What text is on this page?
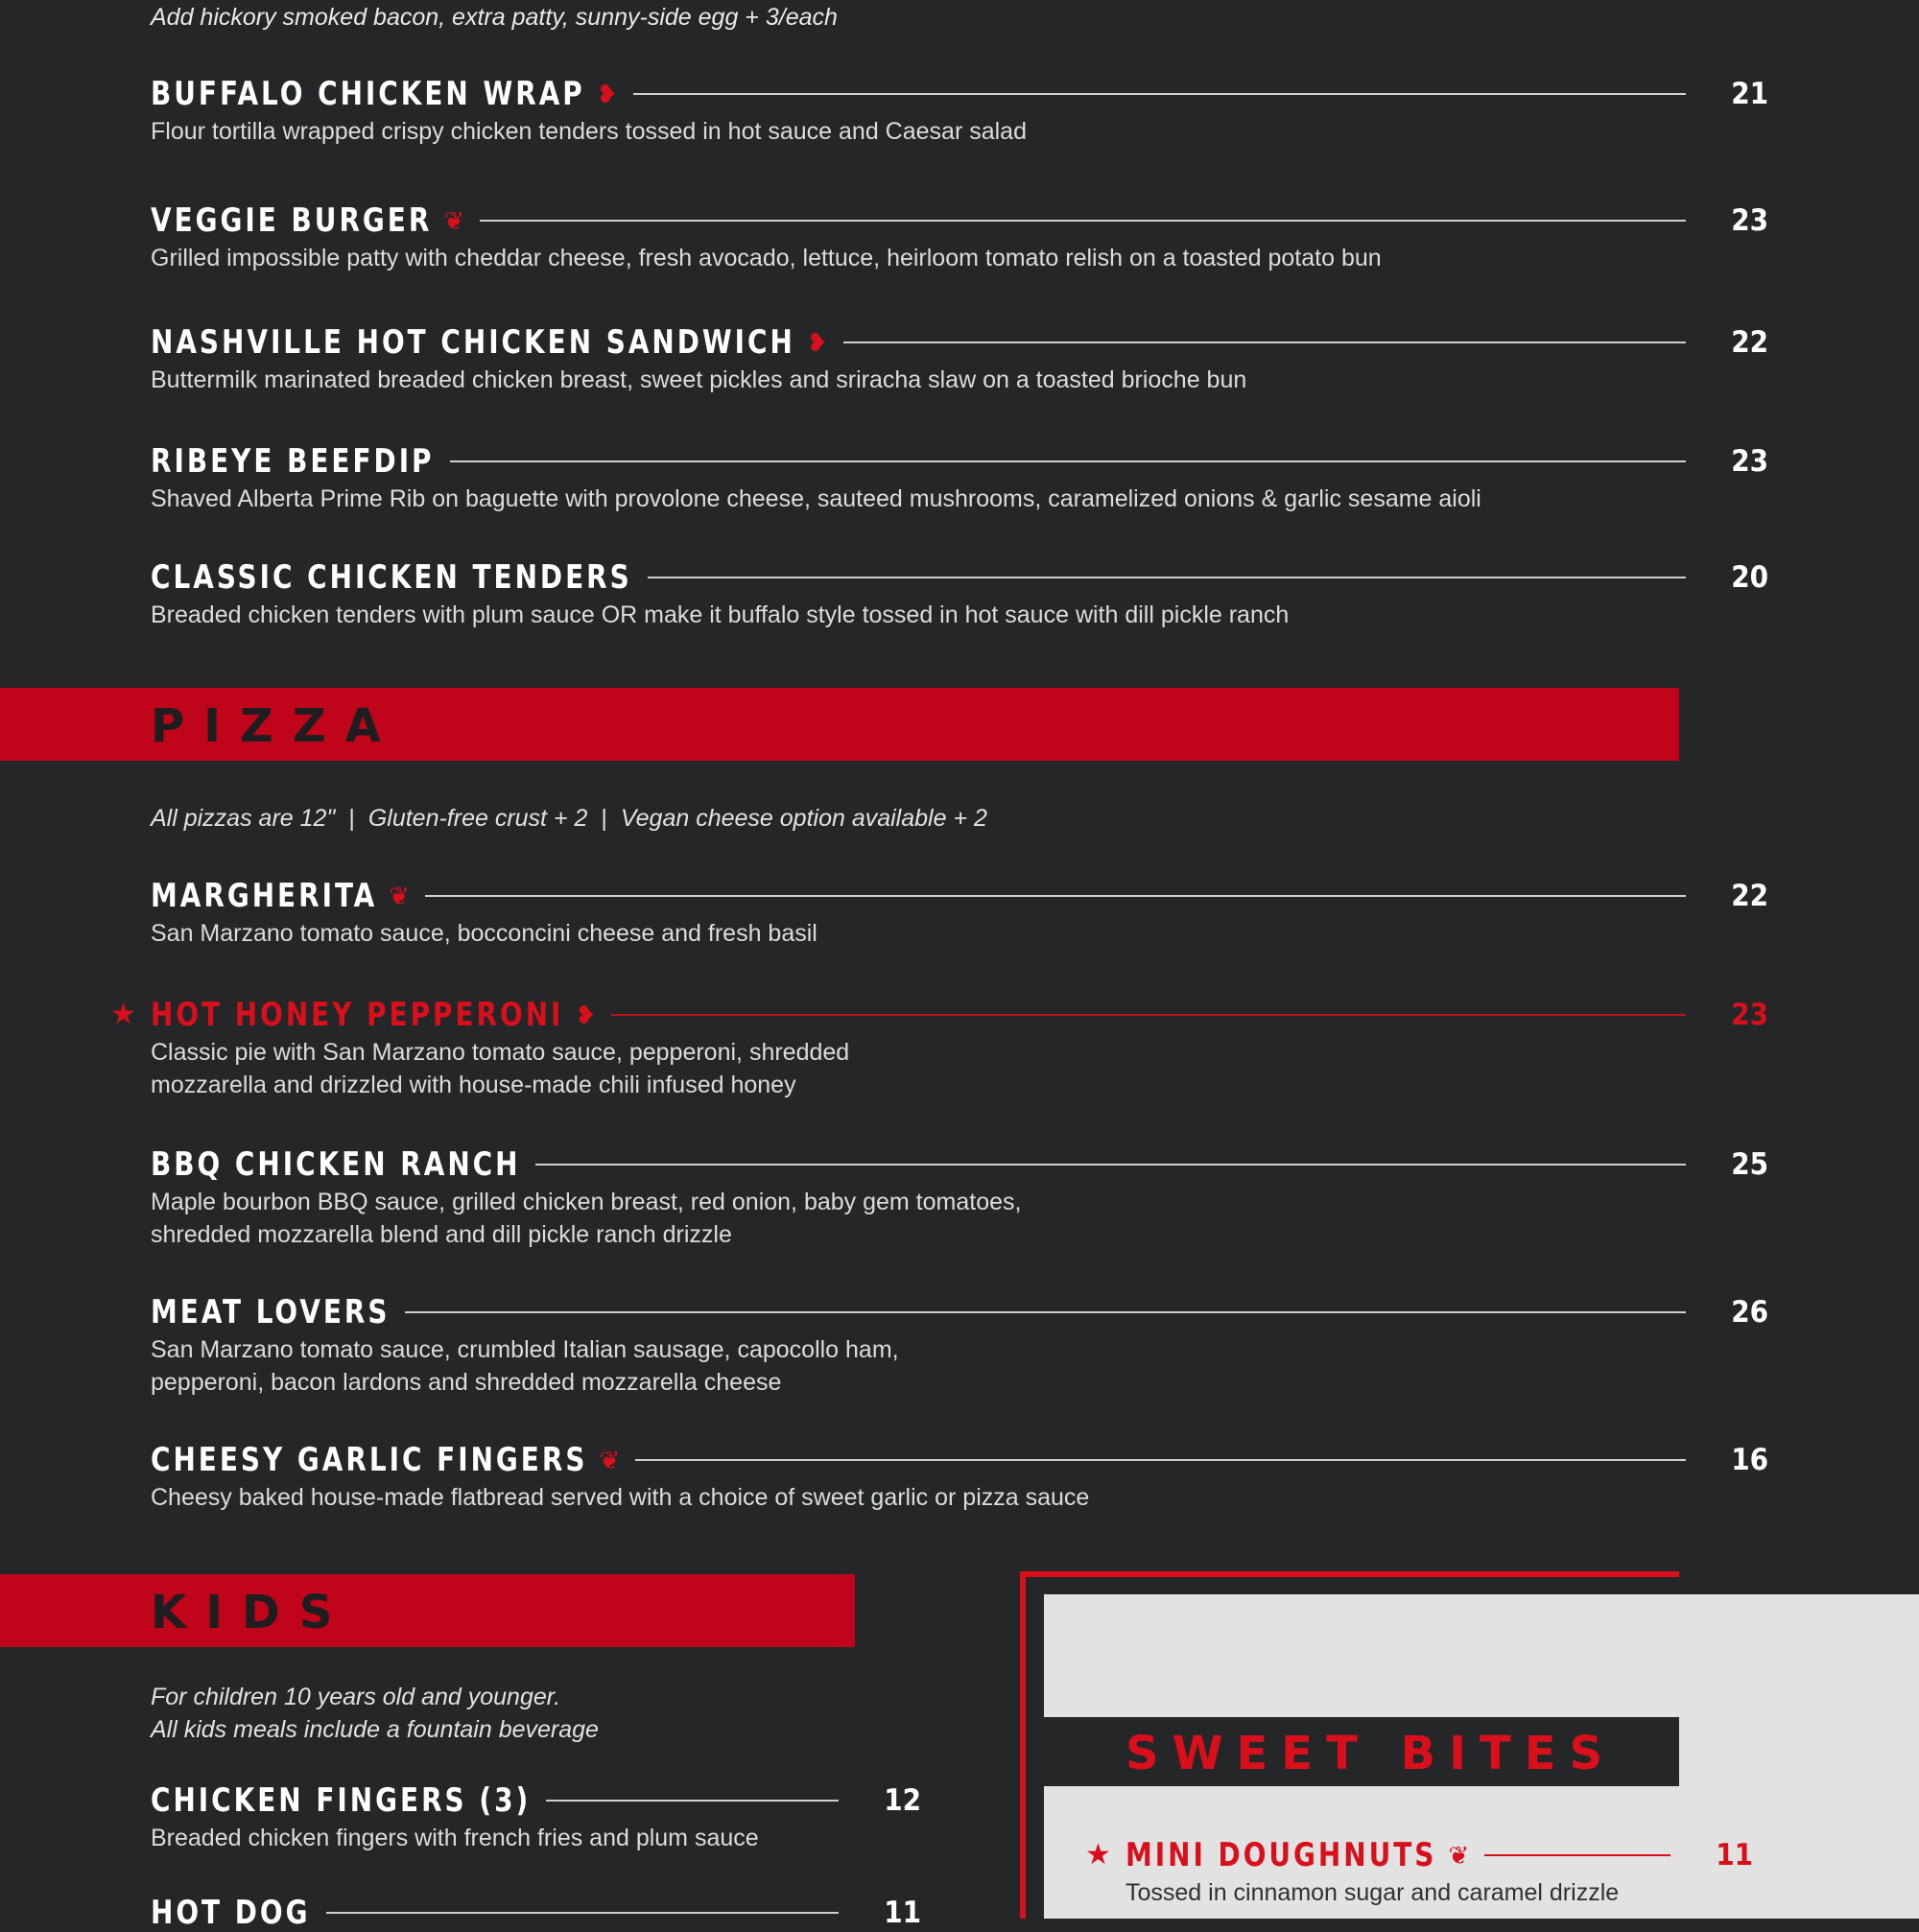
Add hickory smoked bacon, extra patty, sunny-side egg + 3/each
BUFFALO CHICKEN WRAP ❥	21
Flour tortilla wrapped crispy chicken tenders tossed in hot sauce and Caesar salad
VEGGIE BURGER ❦	23
Grilled impossible patty with cheddar cheese, fresh avocado, lettuce, heirloom tomato relish on a toasted potato bun
NASHVILLE HOT CHICKEN SANDWICH ❥	22
Buttermilk marinated breaded chicken breast, sweet pickles and sriracha slaw on a toasted brioche bun
RIBEYE BEEFDIP	23
Shaved Alberta Prime Rib on baguette with provolone cheese, sauteed mushrooms, caramelized onions & garlic sesame aioli
CLASSIC CHICKEN TENDERS	20
Breaded chicken tenders with plum sauce OR make it buffalo style tossed in hot sauce with dill pickle ranch
PIZZA
All pizzas are 12" | Gluten-free crust + 2 | Vegan cheese option available + 2
MARGHERITA ❦	22
San Marzano tomato sauce, bocconcini cheese and fresh basil
★ HOT HONEY PEPPERONI ❥	23
Classic pie with San Marzano tomato sauce, pepperoni, shredded
mozzarella and drizzled with house-made chili infused honey
BBQ CHICKEN RANCH	25
Maple bourbon BBQ sauce, grilled chicken breast, red onion, baby gem tomatoes,
shredded mozzarella blend and dill pickle ranch drizzle
MEAT LOVERS	26
San Marzano tomato sauce, crumbled Italian sausage, capocollo ham,
pepperoni, bacon lardons and shredded mozzarella cheese
CHEESY GARLIC FINGERS ❦	16
Cheesy baked house-made flatbread served with a choice of sweet garlic or pizza sauce
KIDS
For children 10 years old and younger.
All kids meals include a fountain beverage
CHICKEN FINGERS (3)	12
Breaded chicken fingers with french fries and plum sauce
HOT DOG	11
SWEET BITES
★ MINI DOUGHNUTS ❦	11
Tossed in cinnamon sugar and caramel drizzle
